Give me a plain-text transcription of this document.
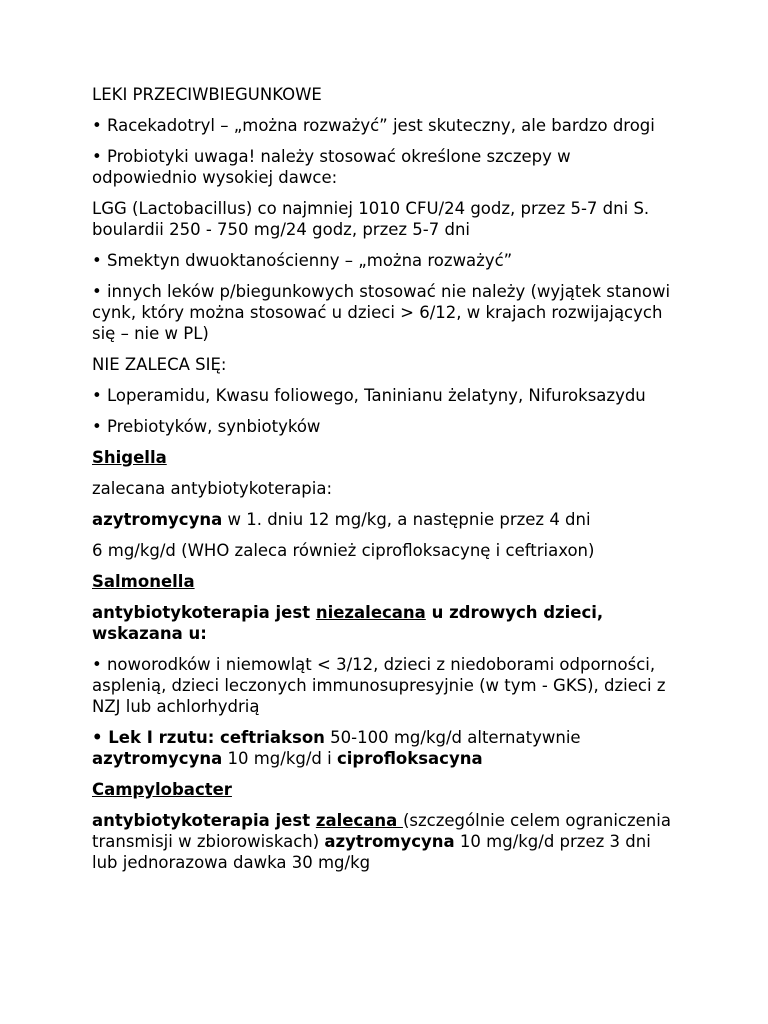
LEKI PRZECIWBIEGUNKOWE

• Racekadotryl – „można rozważyć” jest skuteczny, ale bardzo drogi

• Probiotyki uwaga! należy stosować określone szczepy w odpowiednio wysokiej dawce:

LGG (Lactobacillus) co najmniej 1010 CFU/24 godz, przez 5-7 dni S. boulardii 250 - 750 mg/24 godz, przez 5-7 dni

• Smektyn dwuoktanościenny – „można rozważyć”

• innych leków p/biegunkowych stosować nie należy (wyjątek stanowi cynk, który można stosować u dzieci > 6/12, w krajach rozwijających się – nie w PL)

NIE ZALECA SIĘ:

• Loperamidu, Kwasu foliowego, Taninianu żelatyny, Nifuroksazydu

• Prebiotyków, synbiotyków

Shigella

zalecana antybiotykoterapia:

azytromycyna w 1. dniu 12 mg/kg, a następnie przez 4 dni

6 mg/kg/d (WHO zaleca również ciprofloksacynę i ceftriaxon)

Salmonella

antybiotykoterapia jest niezalecana u zdrowych dzieci, wskazana u:

• noworodków i niemowląt < 3/12, dzieci z niedoborami odporności, asplenią, dzieci leczonych immunosupresyjnie (w tym - GKS), dzieci z NZJ lub achlorhydrią

• Lek I rzutu: ceftriakson 50-100 mg/kg/d alternatywnie azytromycyna 10 mg/kg/d i ciprofloksacyna

Campylobacter

antybiotykoterapia jest zalecana (szczególnie celem ograniczenia transmisji w zbiorowiskach) azytromycyna 10 mg/kg/d przez 3 dni lub jednorazowa dawka 30 mg/kg
